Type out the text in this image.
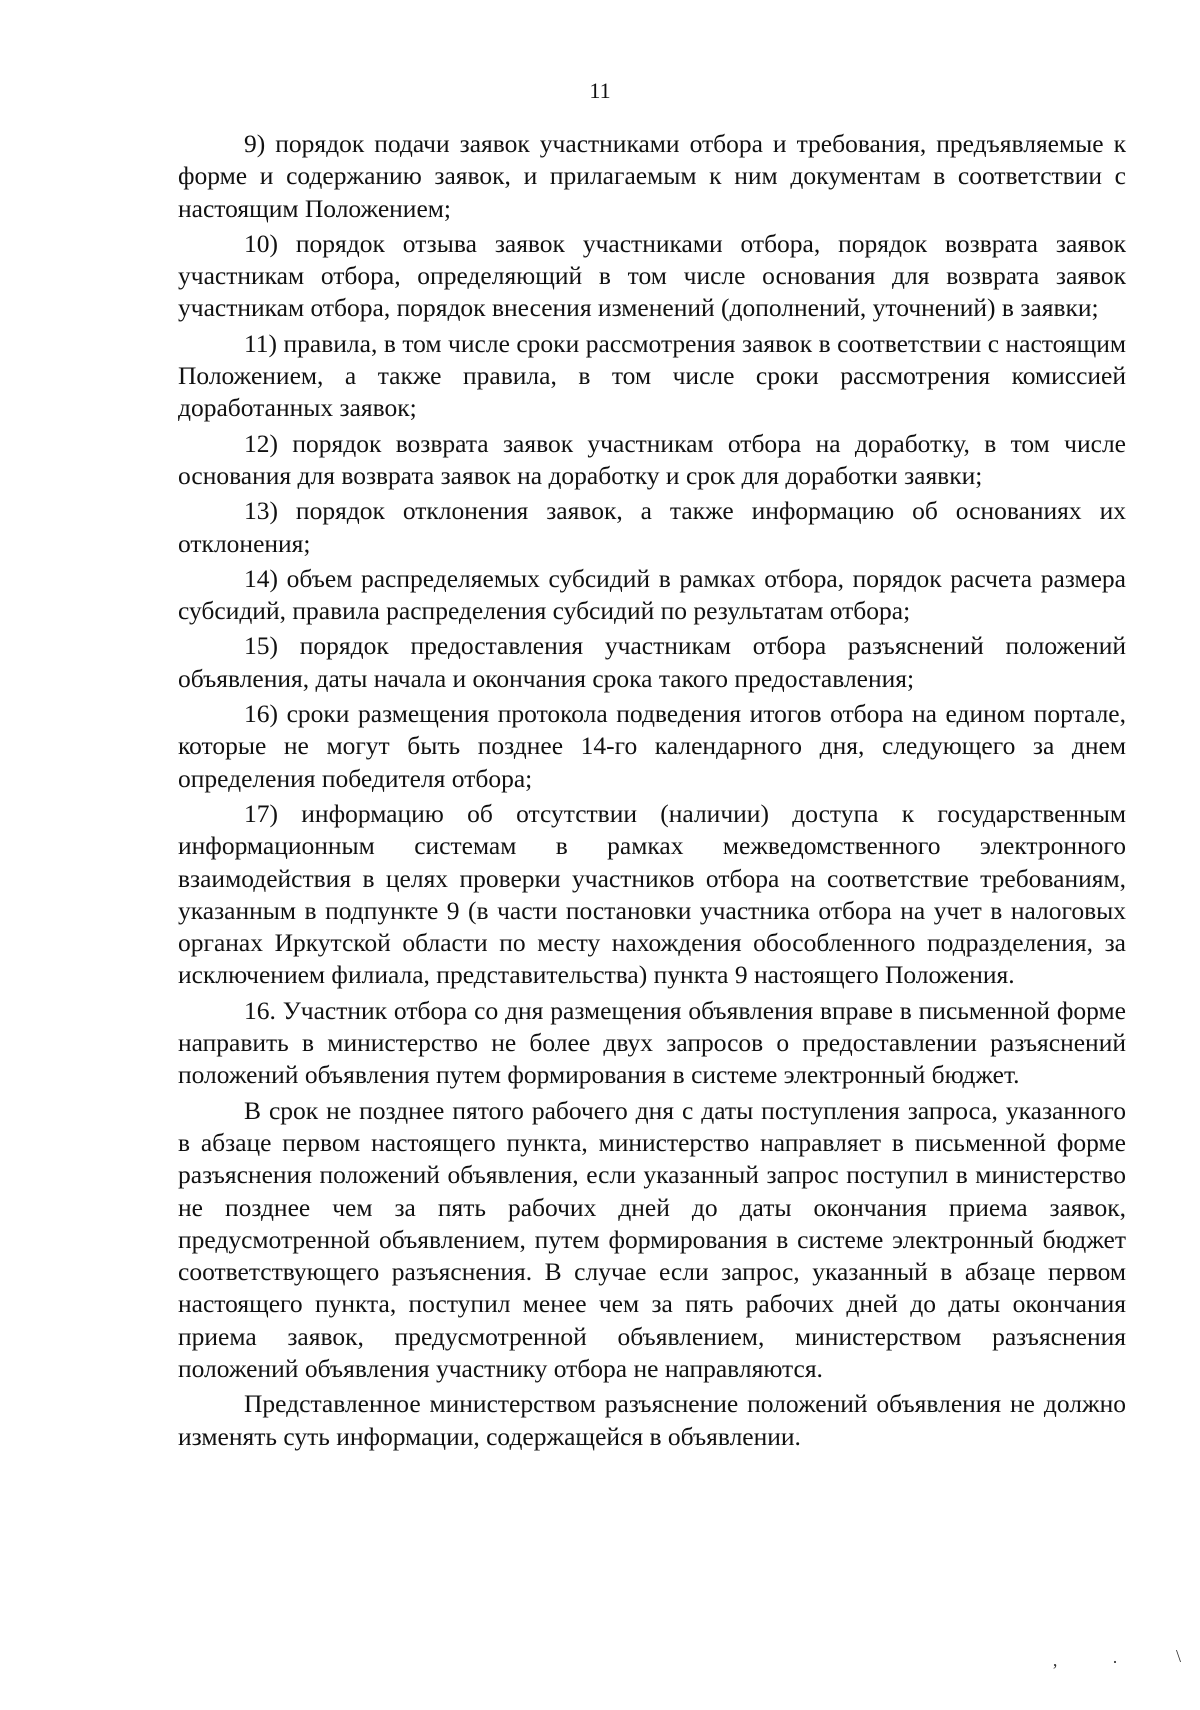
11

9) порядок подачи заявок участниками отбора и требования, предъявляемые к форме и содержанию заявок, и прилагаемым к ним документам в соответствии с настоящим Положением;

10) порядок отзыва заявок участниками отбора, порядок возврата заявок участникам отбора, определяющий в том числе основания для возврата заявок участникам отбора, порядок внесения изменений (дополнений, уточнений) в заявки;

11) правила, в том числе сроки рассмотрения заявок в соответствии с настоящим Положением, а также правила, в том числе сроки рассмотрения комиссией доработанных заявок;

12) порядок возврата заявок участникам отбора на доработку, в том числе основания для возврата заявок на доработку и срок для доработки заявки;

13) порядок отклонения заявок, а также информацию об основаниях их отклонения;

14) объем распределяемых субсидий в рамках отбора, порядок расчета размера субсидий, правила распределения субсидий по результатам отбора;

15) порядок предоставления участникам отбора разъяснений положений объявления, даты начала и окончания срока такого предоставления;

16) сроки размещения протокола подведения итогов отбора на едином портале, которые не могут быть позднее 14-го календарного дня, следующего за днем определения победителя отбора;

17) информацию об отсутствии (наличии) доступа к государственным информационным системам в рамках межведомственного электронного взаимодействия в целях проверки участников отбора на соответствие требованиям, указанным в подпункте 9 (в части постановки участника отбора на учет в налоговых органах Иркутской области по месту нахождения обособленного подразделения, за исключением филиала, представительства) пункта 9 настоящего Положения.

16. Участник отбора со дня размещения объявления вправе в письменной форме направить в министерство не более двух запросов о предоставлении разъяснений положений объявления путем формирования в системе электронный бюджет.

В срок не позднее пятого рабочего дня с даты поступления запроса, указанного в абзаце первом настоящего пункта, министерство направляет в письменной форме разъяснения положений объявления, если указанный запрос поступил в министерство не позднее чем за пять рабочих дней до даты окончания приема заявок, предусмотренной объявлением, путем формирования в системе электронный бюджет соответствующего разъяснения. В случае если запрос, указанный в абзаце первом настоящего пункта, поступил менее чем за пять рабочих дней до даты окончания приема заявок, предусмотренной объявлением, министерством разъяснения положений объявления участнику отбора не направляются.

Представленное министерством разъяснение положений объявления не должно изменять суть информации, содержащейся в объявлении.

‚	·	\
